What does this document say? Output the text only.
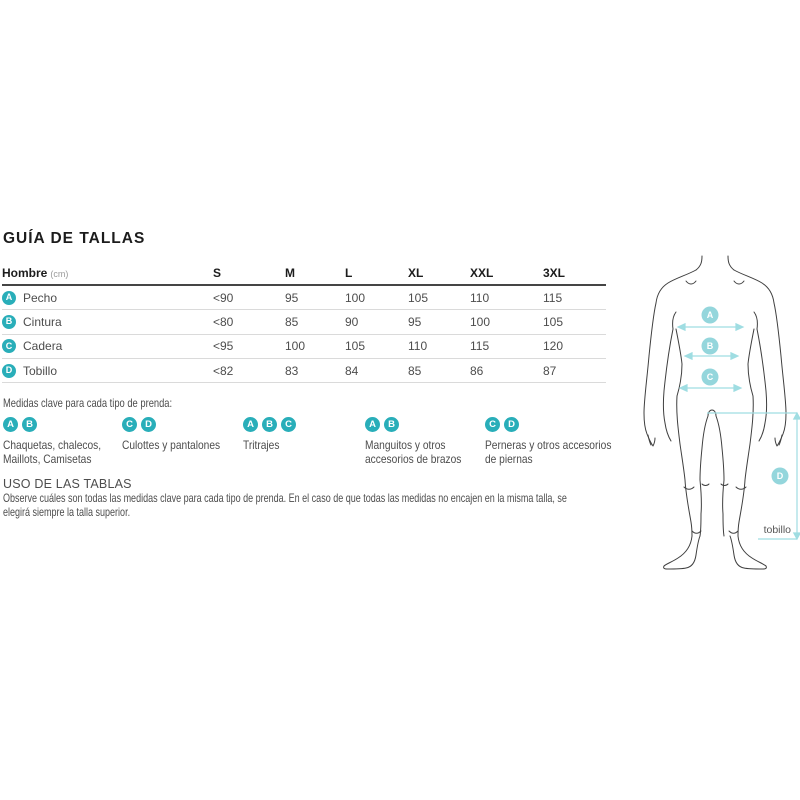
GUÍA DE TALLAS
Hombre (cm)	S	M	L	XL	XXL	3XL
A Pecho	<90	95	100	105	110	115
B Cintura	<80	85	90	95	100	105
C Cadera	<95	100	105	110	115	120
D Tobillo	<82	83	84	85	86	87
Medidas clave para cada tipo de prenda:
A	B
Chaquetas, chalecos,
Maillots, Camisetas
C	D
Culottes y pantalones
A	B	C
Tritrajes
A	B
Manguitos y otros
accesorios de brazos
C	D
Perneras y otros accesorios
de piernas
USO DE LAS TABLAS
Observe cuáles son todas las medidas clave para cada tipo de prenda. En el caso de que todas las medidas no encajen en la misma talla, se
elegirá siempre la talla superior.
A
B
C
D
tobillo
